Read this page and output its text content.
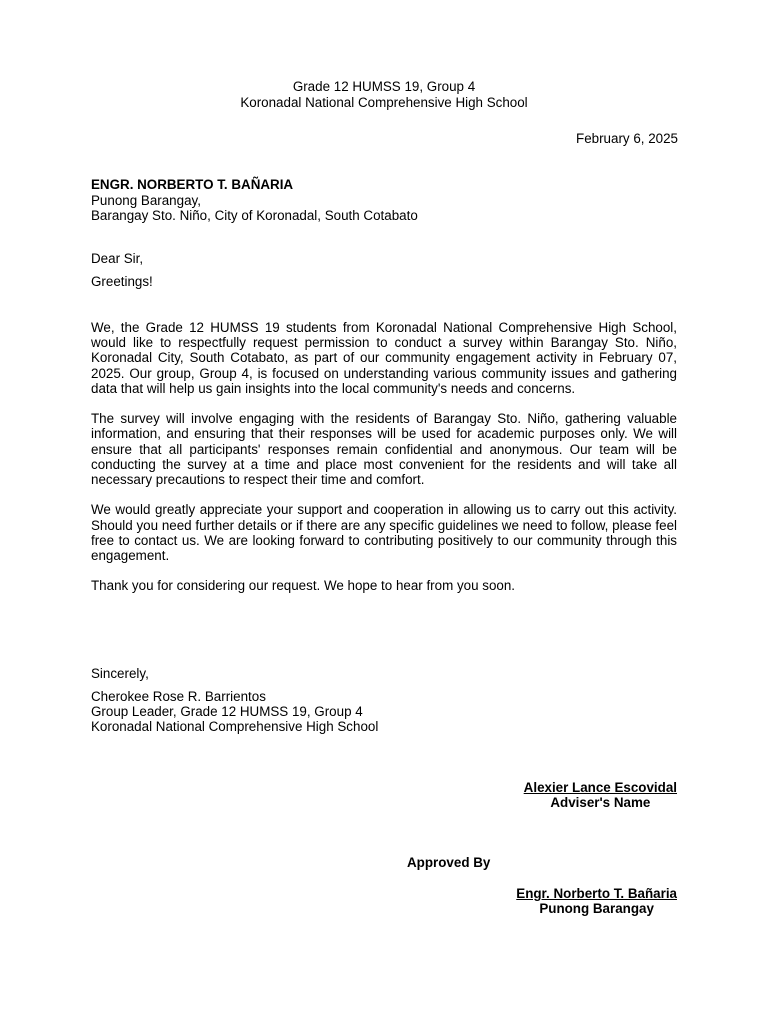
Grade 12 HUMSS 19, Group 4
Koronadal National Comprehensive High School
February 6, 2025
ENGR. NORBERTO T. BAÑARIA
Punong Barangay,
Barangay Sto. Niño, City of Koronadal, South Cotabato
Dear Sir,
Greetings!

We, the Grade 12 HUMSS 19 students from Koronadal National Comprehensive High School, would like to respectfully request permission to conduct a survey within Barangay Sto. Niño, Koronadal City, South Cotabato, as part of our community engagement activity in February 07, 2025. Our group, Group 4, is focused on understanding various community issues and gathering data that will help us gain insights into the local community's needs and concerns.

The survey will involve engaging with the residents of Barangay Sto. Niño, gathering valuable information, and ensuring that their responses will be used for academic purposes only. We will ensure that all participants' responses remain confidential and anonymous. Our team will be conducting the survey at a time and place most convenient for the residents and will take all necessary precautions to respect their time and comfort.

We would greatly appreciate your support and cooperation in allowing us to carry out this activity. Should you need further details or if there are any specific guidelines we need to follow, please feel free to contact us. We are looking forward to contributing positively to our community through this engagement.

Thank you for considering our request. We hope to hear from you soon.

Sincerely,
Cherokee Rose R. Barrientos
Group Leader, Grade 12 HUMSS 19, Group 4
Koronadal National Comprehensive High School
Alexier Lance Escovidal
Adviser's Name
Approved By
Engr. Norberto T. Bañaria
Punong Barangay
